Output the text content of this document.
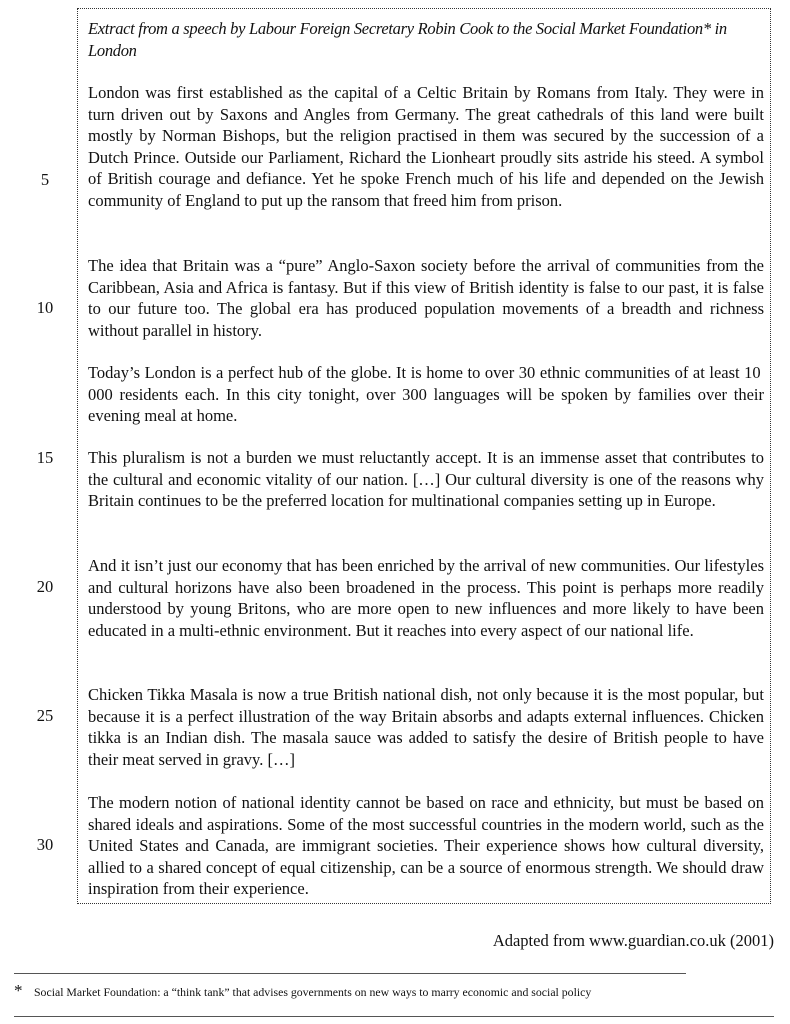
Extract from a speech by Labour Foreign Secretary Robin Cook to the Social Market Foundation* in London

London was first established as the capital of a Celtic Britain by Romans from Italy. They were in turn driven out by Saxons and Angles from Germany. The great cathedrals of this land were built mostly by Norman Bishops, but the religion practised in them was secured by the succession of a Dutch Prince. Outside our Parliament, Richard the Lionheart proudly sits astride his steed. A symbol of British courage and defiance. Yet he spoke French much of his life and depended on the Jewish community of England to put up the ransom that freed him from prison.

The idea that Britain was a “pure” Anglo-Saxon society before the arrival of communities from the Caribbean, Asia and Africa is fantasy. But if this view of British identity is false to our past, it is false to our future too. The global era has produced population movements of a breadth and richness without parallel in history.

Today’s London is a perfect hub of the globe. It is home to over 30 ethnic communities of at least 10 000 residents each. In this city tonight, over 300 languages will be spoken by families over their evening meal at home.

This pluralism is not a burden we must reluctantly accept. It is an immense asset that contributes to the cultural and economic vitality of our nation. […] Our cultural diversity is one of the reasons why Britain continues to be the preferred location for multinational companies setting up in Europe.

And it isn’t just our economy that has been enriched by the arrival of new communities. Our lifestyles and cultural horizons have also been broadened in the process. This point is perhaps more readily understood by young Britons, who are more open to new influences and more likely to have been educated in a multi-ethnic environment. But it reaches into every aspect of our national life.

Chicken Tikka Masala is now a true British national dish, not only because it is the most popular, but because it is a perfect illustration of the way Britain absorbs and adapts external influences. Chicken tikka is an Indian dish. The masala sauce was added to satisfy the desire of British people to have their meat served in gravy. […]

The modern notion of national identity cannot be based on race and ethnicity, but must be based on shared ideals and aspirations. Some of the most successful countries in the modern world, such as the United States and Canada, are immigrant societies. Their experience shows how cultural diversity, allied to a shared concept of equal citizenship, can be a source of enormous strength. We should draw inspiration from their experience.

5
10
15
20
25
30
Adapted from www.guardian.co.uk (2001)
* Social Market Foundation: a “think tank” that advises governments on new ways to marry economic and social policy
